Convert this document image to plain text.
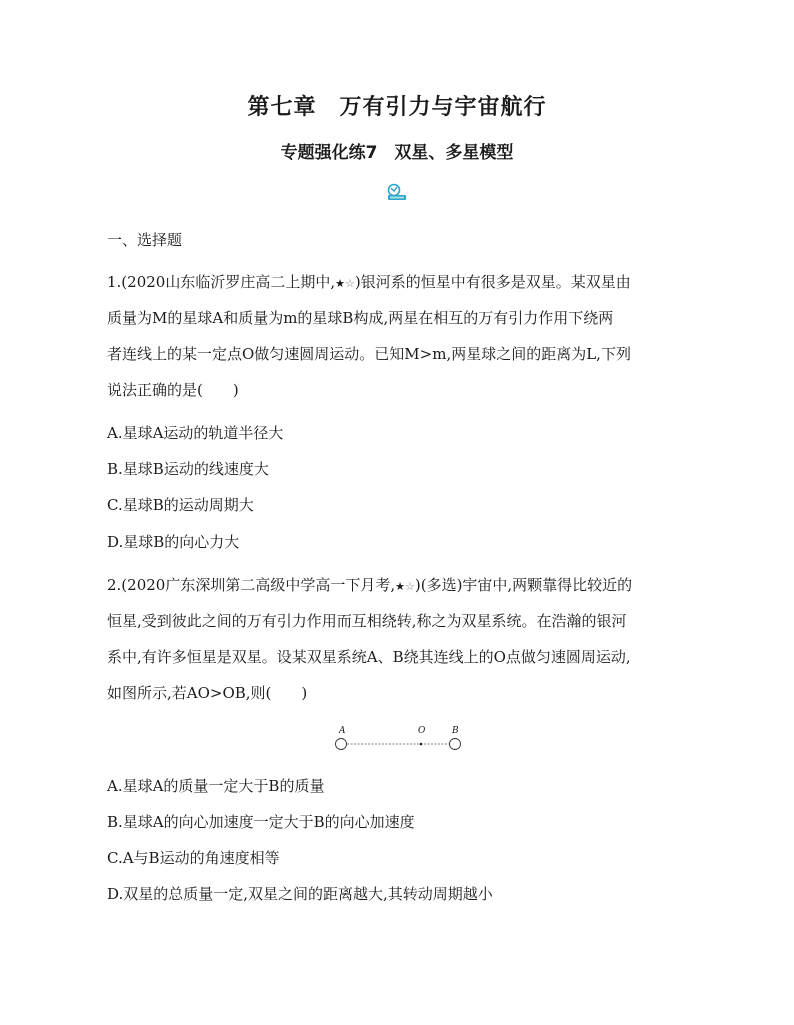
第七章　万有引力与宇宙航行
专题强化练7　双星、多星模型
一、选择题
1.(2020山东临沂罗庄高二上期中,★☆)银河系的恒星中有很多是双星。某双星由
质量为M的星球A和质量为m的星球B构成,两星在相互的万有引力作用下绕两
者连线上的某一定点O做匀速圆周运动。已知M>m,两星球之间的距离为L,下列
说法正确的是(　　)
A.星球A运动的轨道半径大
B.星球B运动的线速度大
C.星球B的运动周期大
D.星球B的向心力大
2.(2020广东深圳第二高级中学高一下月考,★☆)(多选)宇宙中,两颗靠得比较近的
恒星,受到彼此之间的万有引力作用而互相绕转,称之为双星系统。在浩瀚的银河
系中,有许多恒星是双星。设某双星系统A、B绕其连线上的O点做匀速圆周运动,
如图所示,若AO>OB,则(　　)
A	O	B
A.星球A的质量一定大于B的质量
B.星球A的向心加速度一定大于B的向心加速度
C.A与B运动的角速度相等
D.双星的总质量一定,双星之间的距离越大,其转动周期越小
